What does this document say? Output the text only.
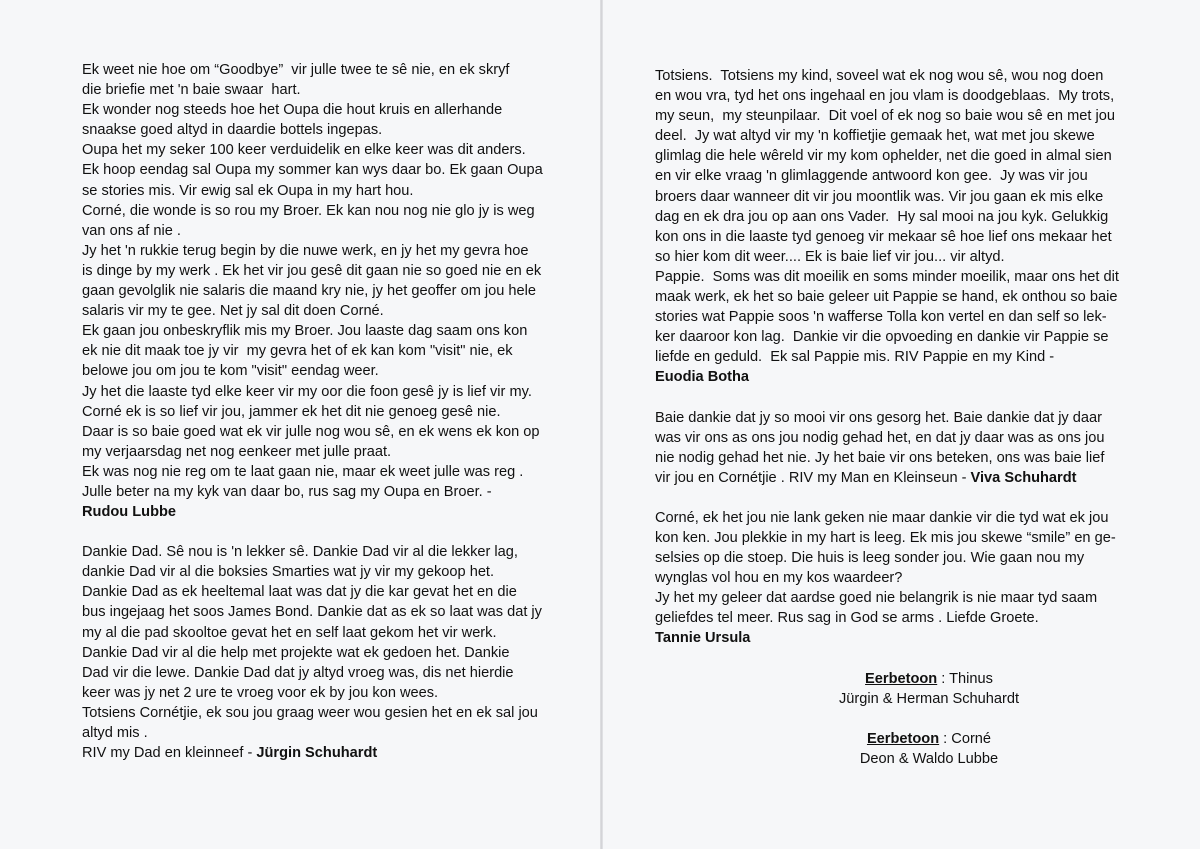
Ek weet nie hoe om “Goodbye”  vir julle twee te sê nie, en ek skryf
die briefie met 'n baie swaar  hart.
Ek wonder nog steeds hoe het Oupa die hout kruis en allerhande
snaakse goed altyd in daardie bottels ingepas.
Oupa het my seker 100 keer verduidelik en elke keer was dit anders.
Ek hoop eendag sal Oupa my sommer kan wys daar bo. Ek gaan Oupa
se stories mis. Vir ewig sal ek Oupa in my hart hou.
Corné, die wonde is so rou my Broer. Ek kan nou nog nie glo jy is weg
van ons af nie .
Jy het 'n rukkie terug begin by die nuwe werk, en jy het my gevra hoe
is dinge by my werk . Ek het vir jou gesê dit gaan nie so goed nie en ek
gaan gevolglik nie salaris die maand kry nie, jy het geoffer om jou hele
salaris vir my te gee. Net jy sal dit doen Corné.
Ek gaan jou onbeskryflik mis my Broer. Jou laaste dag saam ons kon
ek nie dit maak toe jy vir  my gevra het of ek kan kom "visit" nie, ek
belowe jou om jou te kom "visit" eendag weer.
Jy het die laaste tyd elke keer vir my oor die foon gesê jy is lief vir my.
Corné ek is so lief vir jou, jammer ek het dit nie genoeg gesê nie.
Daar is so baie goed wat ek vir julle nog wou sê, en ek wens ek kon op
my verjaarsdag net nog eenkeer met julle praat.
Ek was nog nie reg om te laat gaan nie, maar ek weet julle was reg .
Julle beter na my kyk van daar bo, rus sag my Oupa en Broer. -
Rudou Lubbe
Dankie Dad. Sê nou is 'n lekker sê. Dankie Dad vir al die lekker lag,
dankie Dad vir al die boksies Smarties wat jy vir my gekoop het.
Dankie Dad as ek heeltemal laat was dat jy die kar gevat het en die
bus ingejaag het soos James Bond. Dankie dat as ek so laat was dat jy
my al die pad skooltoe gevat het en self laat gekom het vir werk.
Dankie Dad vir al die help met projekte wat ek gedoen het. Dankie
Dad vir die lewe. Dankie Dad dat jy altyd vroeg was, dis net hierdie
keer was jy net 2 ure te vroeg voor ek by jou kon wees.
Totsiens Cornétjie, ek sou jou graag weer wou gesien het en ek sal jou
altyd mis .
RIV my Dad en kleinneef - Jürgin Schuhardt
Totsiens.  Totsiens my kind, soveel wat ek nog wou sê, wou nog doen
en wou vra, tyd het ons ingehaal en jou vlam is doodgeblaas.  My trots,
my seun,  my steunpilaar.  Dit voel of ek nog so baie wou sê en met jou
deel.  Jy wat altyd vir my 'n koffietjie gemaak het, wat met jou skewe
glimlag die hele wêreld vir my kom ophelder, net die goed in almal sien
en vir elke vraag 'n glimlaggende antwoord kon gee.  Jy was vir jou
broers daar wanneer dit vir jou moontlik was. Vir jou gaan ek mis elke
dag en ek dra jou op aan ons Vader.  Hy sal mooi na jou kyk. Gelukkig
kon ons in die laaste tyd genoeg vir mekaar sê hoe lief ons mekaar het
so hier kom dit weer.... Ek is baie lief vir jou... vir altyd.
Pappie.  Soms was dit moeilik en soms minder moeilik, maar ons het dit
maak werk, ek het so baie geleer uit Pappie se hand, ek onthou so baie
stories wat Pappie soos 'n wafferse Tolla kon vertel en dan self so lek-
ker daaroor kon lag.  Dankie vir die opvoeding en dankie vir Pappie se
liefde en geduld.  Ek sal Pappie mis. RIV Pappie en my Kind -
Euodia Botha
Baie dankie dat jy so mooi vir ons gesorg het. Baie dankie dat jy daar
was vir ons as ons jou nodig gehad het, en dat jy daar was as ons jou
nie nodig gehad het nie. Jy het baie vir ons beteken, ons was baie lief
vir jou en Cornétjie . RIV my Man en Kleinseun - Viva Schuhardt
Corné, ek het jou nie lank geken nie maar dankie vir die tyd wat ek jou
kon ken. Jou plekkie in my hart is leeg. Ek mis jou skewe “smile” en ge-
selsies op die stoep. Die huis is leeg sonder jou. Wie gaan nou my
wynglas vol hou en my kos waardeer?
Jy het my geleer dat aardse goed nie belangrik is nie maar tyd saam
geliefdes tel meer. Rus sag in God se arms . Liefde Groete.
Tannie Ursula
Eerbetoon : Thinus
Jürgin & Herman Schuhardt
Eerbetoon : Corné
Deon & Waldo Lubbe
